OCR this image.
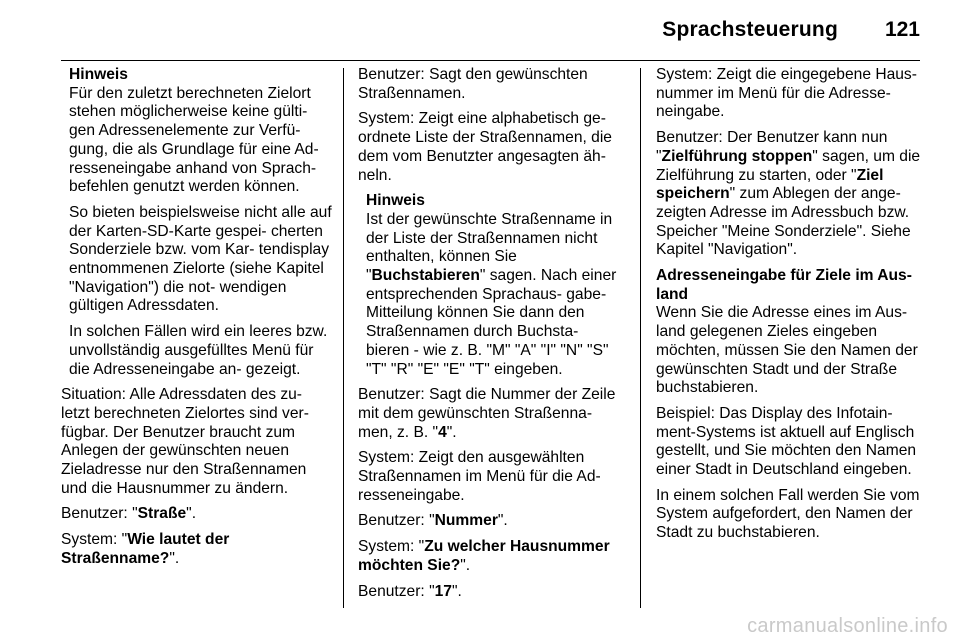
Sprachsteuerung 121
Hinweis

Für den zuletzt berechneten Zielort stehen möglicherweise keine gülti- gen Adressenelemente zur Verfü- gung, die als Grundlage für eine Ad- resseneingabe anhand von Sprach- befehlen genutzt werden können.

So bieten beispielsweise nicht alle auf der Karten-SD-Karte gespei- cherten Sonderziele bzw. vom Kar- tendisplay entnommenen Zielorte (siehe Kapitel "Navigation") die not- wendigen gültigen Adressdaten.

In solchen Fällen wird ein leeres bzw. unvollständig ausgefülltes Menü für die Adresseneingabe an- gezeigt.

Situation: Alle Adressdaten des zu- letzt berechneten Zielortes sind ver- fügbar. Der Benutzer braucht zum Anlegen der gewünschten neuen Zieladresse nur den Straßennamen und die Hausnummer zu ändern.

Benutzer: "Straße".

System: "Wie lautet der Straßenname?".

Benutzer: Sagt den gewünschten Straßennamen.

System: Zeigt eine alphabetisch ge- ordnete Liste der Straßennamen, die dem vom Benutzter angesagten äh- neln.

Hinweis

Ist der gewünschte Straßenname in der Liste der Straßennamen nicht enthalten, können Sie "Buchstabieren" sagen. Nach einer entsprechenden Sprachaus- gabe-Mitteilung können Sie dann den Straßennamen durch Buchsta- bieren - wie z. B. "M" "A" "I" "N" "S" "T" "R" "E" "E" "T" eingeben.

Benutzer: Sagt die Nummer der Zeile mit dem gewünschten Straßenna- men, z. B. "4".

System: Zeigt den ausgewählten Straßennamen im Menü für die Ad- resseneingabe.

Benutzer: "Nummer".

System: "Zu welcher Hausnummer möchten Sie?".

Benutzer: "17".

System: Zeigt die eingegebene Haus- nummer im Menü für die Adresse- neingabe.

Benutzer: Der Benutzer kann nun "Zielführung stoppen" sagen, um die Zielführung zu starten, oder "Ziel speichern" zum Ablegen der ange- zeigten Adresse im Adressbuch bzw. Speicher "Meine Sonderziele". Siehe Kapitel "Navigation".

Adresseneingabe für Ziele im Aus- land

Wenn Sie die Adresse eines im Aus- land gelegenen Zieles eingeben möchten, müssen Sie den Namen der gewünschten Stadt und der Straße buchstabieren.

Beispiel: Das Display des Infotain- ment-Systems ist aktuell auf Englisch gestellt, und Sie möchten den Namen einer Stadt in Deutschland eingeben.

In einem solchen Fall werden Sie vom System aufgefordert, den Namen der Stadt zu buchstabieren.

carmanualsonline.info
